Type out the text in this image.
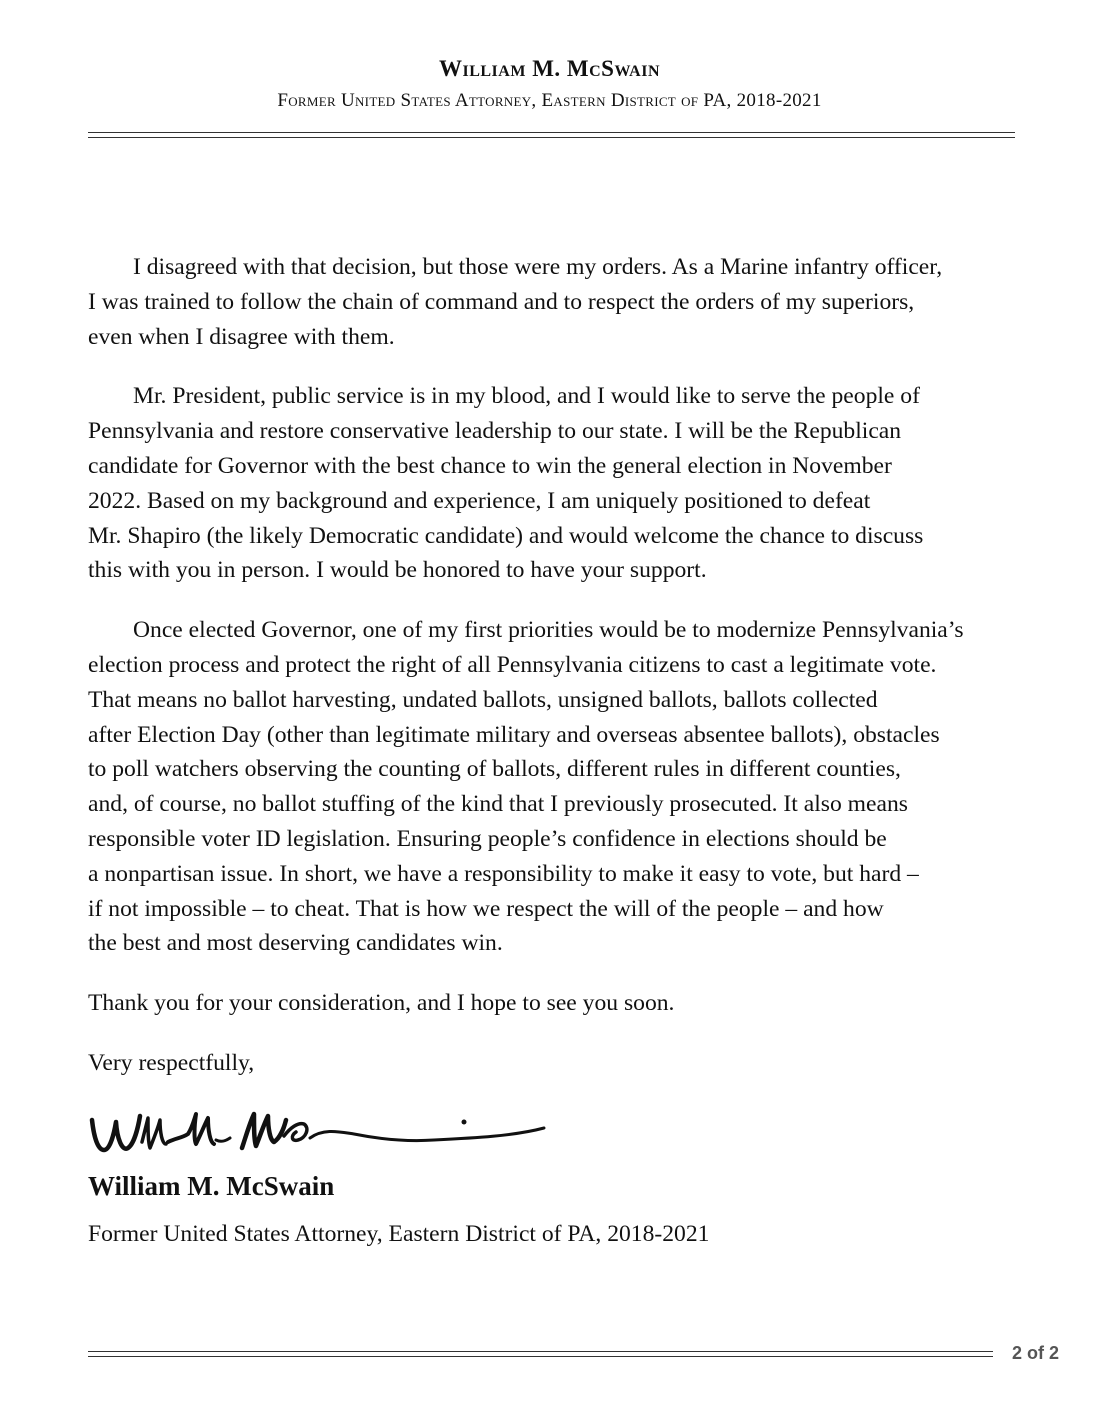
William M. McSwain
Former United States Attorney, Eastern District of PA, 2018-2021

I disagreed with that decision, but those were my orders. As a Marine infantry officer,
I was trained to follow the chain of command and to respect the orders of my superiors,
even when I disagree with them.

Mr. President, public service is in my blood, and I would like to serve the people of
Pennsylvania and restore conservative leadership to our state. I will be the Republican
candidate for Governor with the best chance to win the general election in November
2022. Based on my background and experience, I am uniquely positioned to defeat
Mr. Shapiro (the likely Democratic candidate) and would welcome the chance to discuss
this with you in person. I would be honored to have your support.

Once elected Governor, one of my first priorities would be to modernize Pennsylvania’s
election process and protect the right of all Pennsylvania citizens to cast a legitimate vote.
That means no ballot harvesting, undated ballots, unsigned ballots, ballots collected
after Election Day (other than legitimate military and overseas absentee ballots), obstacles
to poll watchers observing the counting of ballots, different rules in different counties,
and, of course, no ballot stuffing of the kind that I previously prosecuted. It also means
responsible voter ID legislation. Ensuring people’s confidence in elections should be
a nonpartisan issue. In short, we have a responsibility to make it easy to vote, but hard –
if not impossible – to cheat. That is how we respect the will of the people – and how
the best and most deserving candidates win.

Thank you for your consideration, and I hope to see you soon.

Very respectfully,

William M. McSwain
Former United States Attorney, Eastern District of PA, 2018-2021
2 of 2
